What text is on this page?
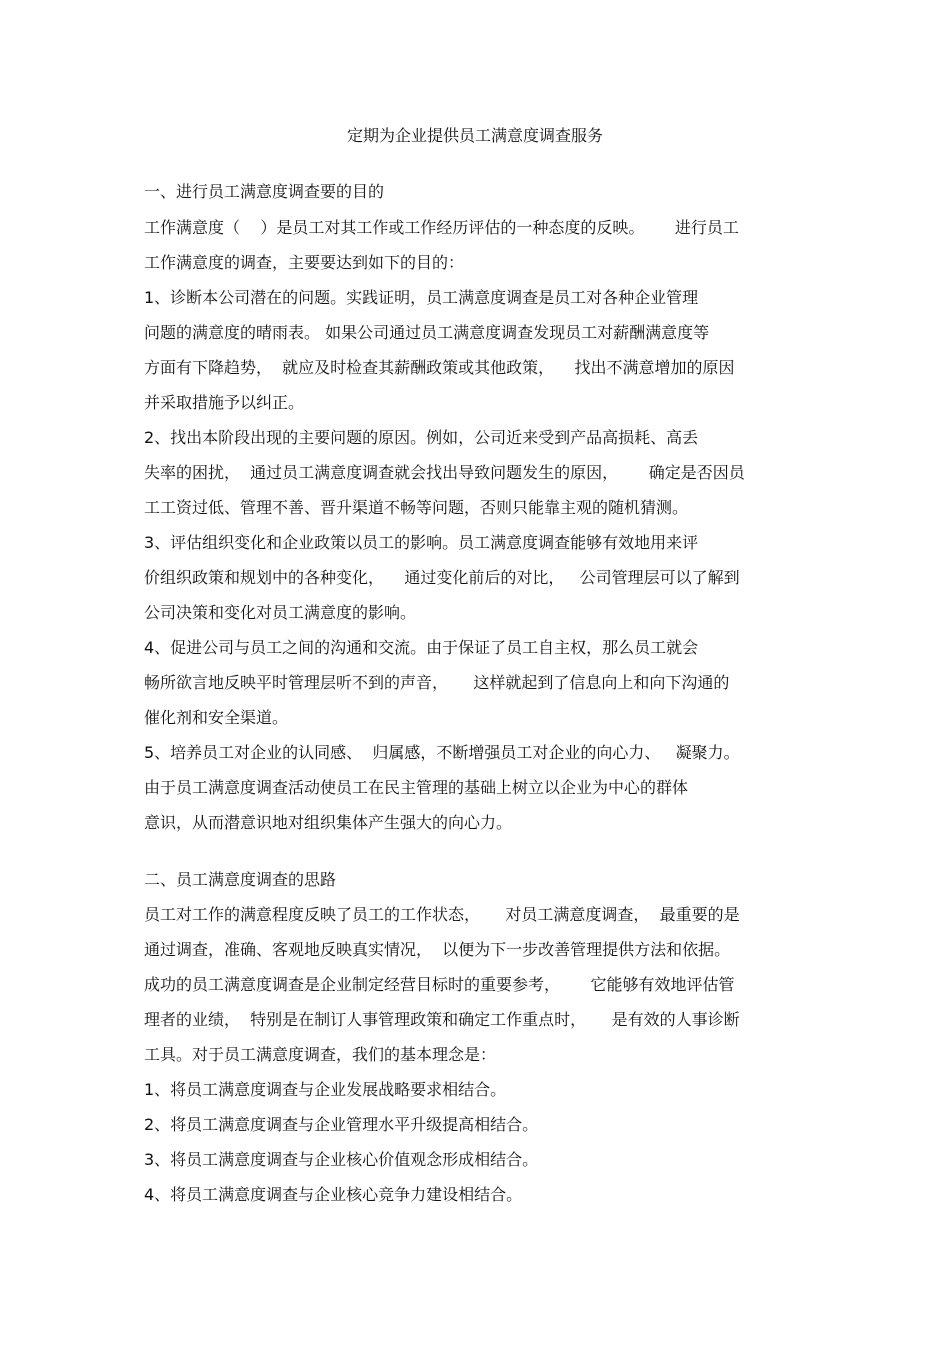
定期为企业提供员工满意度调查服务
一、进行员工满意度调查要的目的
工作满意度（    ）是员工对其工作或工作经历评估的一种态度的反映。      进行员工
工作满意度的调查，主要要达到如下的目的：
1、诊断本公司潜在的问题。实践证明，员工满意度调查是员工对各种企业管理
问题的满意度的晴雨表。 如果公司通过员工满意度调查发现员工对薪酬满意度等
方面有下降趋势，  就应及时检查其薪酬政策或其他政策，    找出不满意增加的原因
并采取措施予以纠正。
2、找出本阶段出现的主要问题的原因。例如，公司近来受到产品高损耗、高丢
失率的困扰，  通过员工满意度调查就会找出导致问题发生的原因，      确定是否因员
工工资过低、管理不善、晋升渠道不畅等问题，否则只能靠主观的随机猜测。
3、评估组织变化和企业政策以员工的影响。员工满意度调查能够有效地用来评
价组织政策和规划中的各种变化，    通过变化前后的对比，   公司管理层可以了解到
公司决策和变化对员工满意度的影响。
4、促进公司与员工之间的沟通和交流。由于保证了员工自主权，那么员工就会
畅所欲言地反映平时管理层听不到的声音，     这样就起到了信息向上和向下沟通的
催化剂和安全渠道。
5、培养员工对企业的认同感、  归属感，不断增强员工对企业的向心力、   凝聚力。
由于员工满意度调查活动使员工在民主管理的基础上树立以企业为中心的群体
意识，从而潜意识地对组织集体产生强大的向心力。
二、员工满意度调查的思路
员工对工作的满意程度反映了员工的工作状态，     对员工满意度调查，  最重要的是
通过调查，准确、客观地反映真实情况，  以便为下一步改善管理提供方法和依据。
成功的员工满意度调查是企业制定经营目标时的重要参考，      它能够有效地评估管
理者的业绩，  特别是在制订人事管理政策和确定工作重点时，     是有效的人事诊断
工具。对于员工满意度调查，我们的基本理念是：
1、将员工满意度调查与企业发展战略要求相结合。
2、将员工满意度调查与企业管理水平升级提高相结合。
3、将员工满意度调查与企业核心价值观念形成相结合。
4、将员工满意度调查与企业核心竞争力建设相结合。
